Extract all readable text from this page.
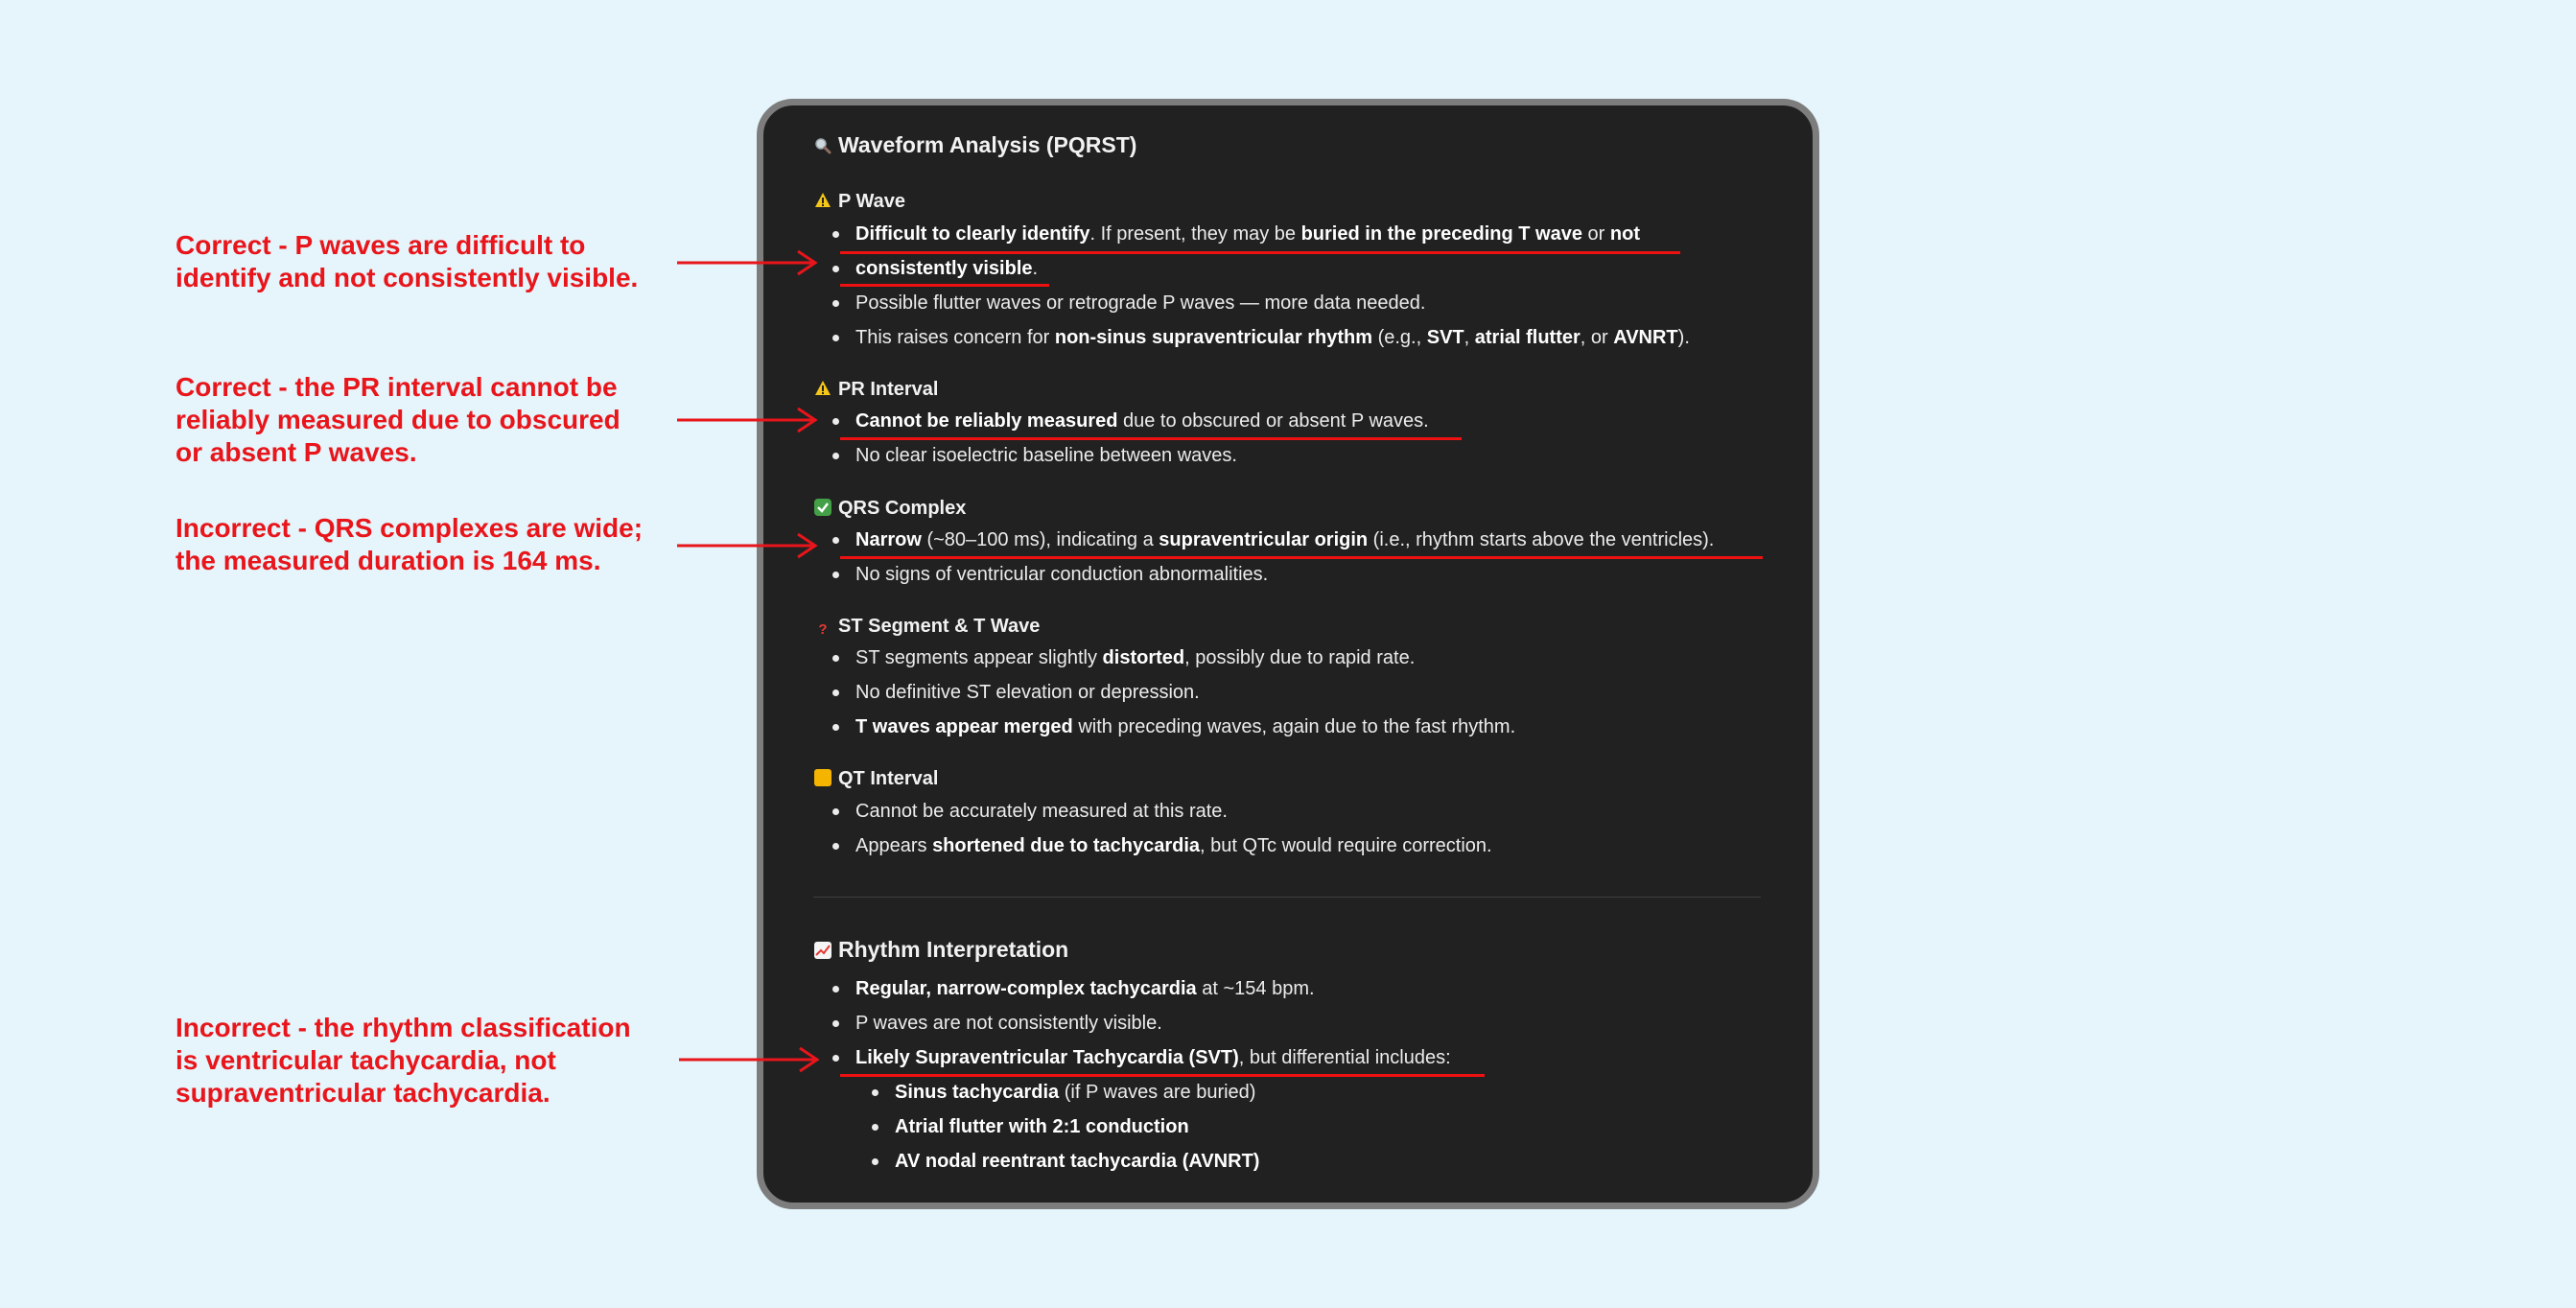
Waveform Analysis (PQRST)
P Wave
Difficult to clearly identify. If present, they may be buried in the preceding T wave or not
consistently visible.
Possible flutter waves or retrograde P waves — more data needed.
This raises concern for non-sinus supraventricular rhythm (e.g., SVT, atrial flutter, or AVNRT).
PR Interval
Cannot be reliably measured due to obscured or absent P waves.
No clear isoelectric baseline between waves.
QRS Complex
Narrow (~80–100 ms), indicating a supraventricular origin (i.e., rhythm starts above the ventricles).
No signs of ventricular conduction abnormalities.
? ST Segment & T Wave
ST segments appear slightly distorted, possibly due to rapid rate.
No definitive ST elevation or depression.
T waves appear merged with preceding waves, again due to the fast rhythm.
QT Interval
Cannot be accurately measured at this rate.
Appears shortened due to tachycardia, but QTc would require correction.
Rhythm Interpretation
Regular, narrow-complex tachycardia at ~154 bpm.
P waves are not consistently visible.
Likely Supraventricular Tachycardia (SVT), but differential includes:
Sinus tachycardia (if P waves are buried)
Atrial flutter with 2:1 conduction
AV nodal reentrant tachycardia (AVNRT)
Correct - P waves are difficult to
identify and not consistently visible.
Correct - the PR interval cannot be
reliably measured due to obscured
or absent P waves.
Incorrect - QRS complexes are wide;
the measured duration is 164 ms.
Incorrect - the rhythm classification
is ventricular tachycardia, not
supraventricular tachycardia.
